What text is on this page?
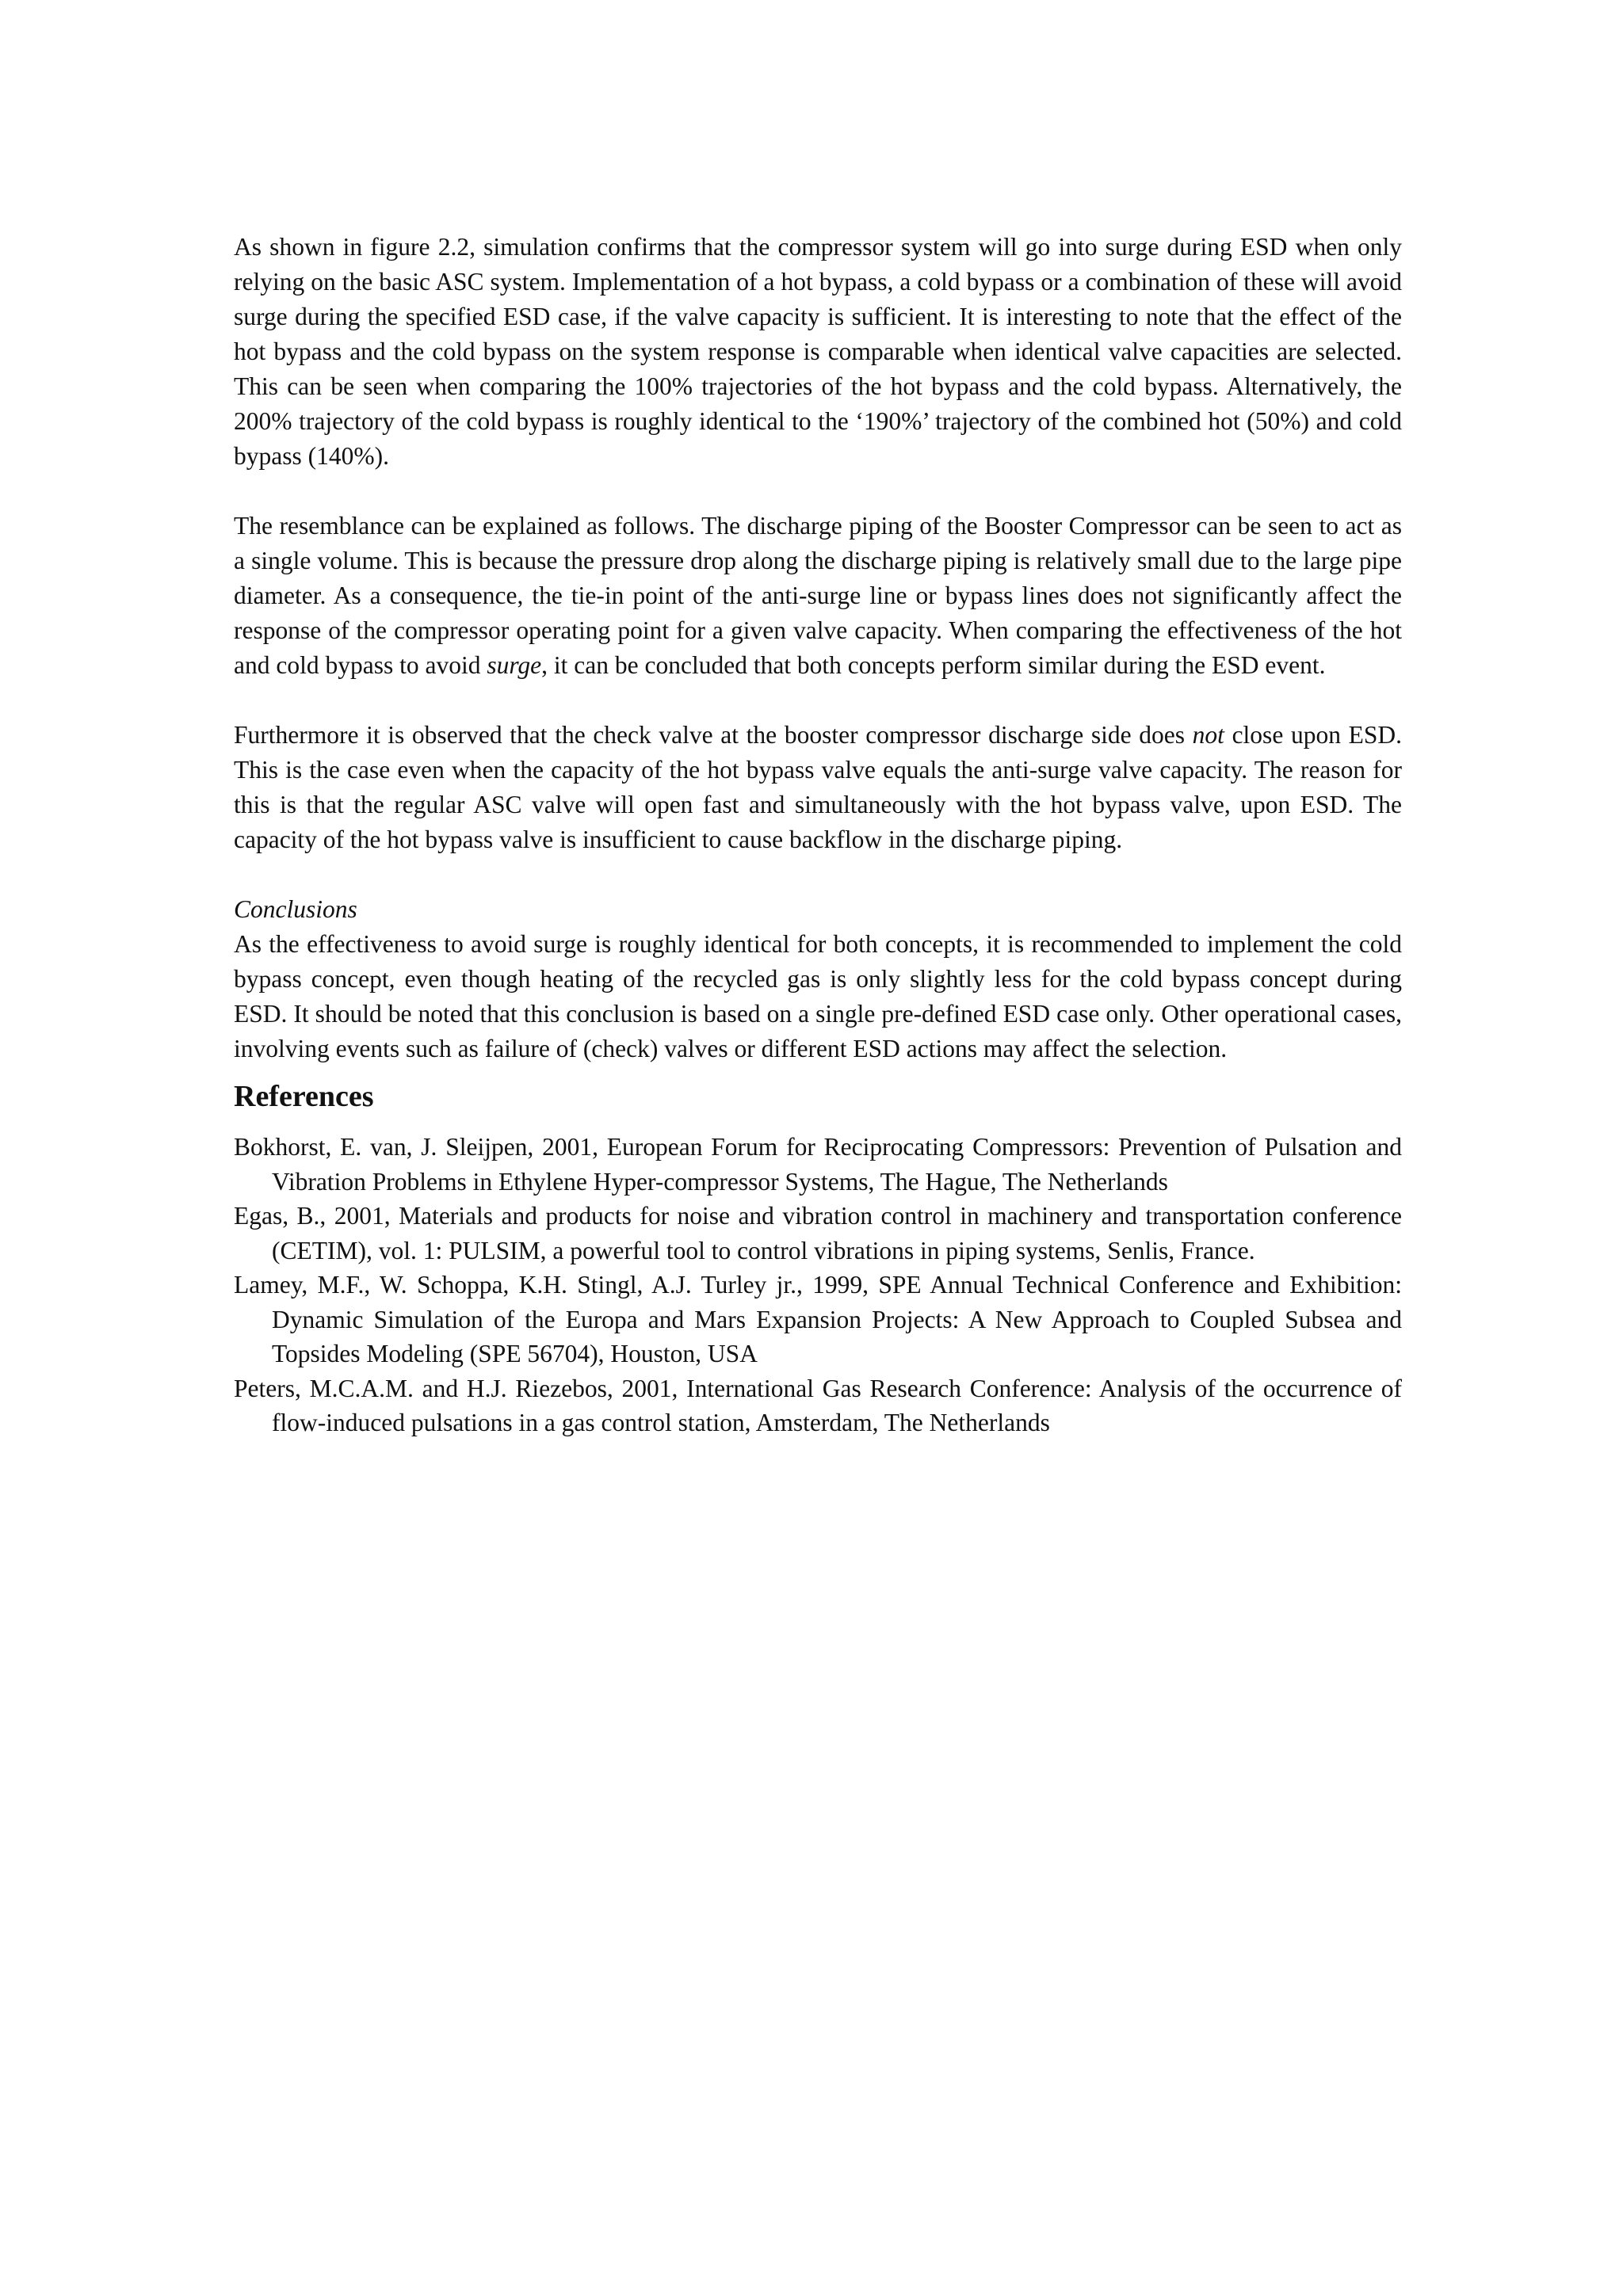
As shown in figure 2.2, simulation confirms that the compressor system will go into surge during ESD when only relying on the basic ASC system. Implementation of a hot bypass, a cold bypass or a combination of these will avoid surge during the specified ESD case, if the valve capacity is sufficient. It is interesting to note that the effect of the hot bypass and the cold bypass on the system response is comparable when identical valve capacities are selected. This can be seen when comparing the 100% trajectories of the hot bypass and the cold bypass. Alternatively, the 200% trajectory of the cold bypass is roughly identical to the ‘190%’ trajectory of the combined hot (50%) and cold bypass (140%).

The resemblance can be explained as follows. The discharge piping of the Booster Compressor can be seen to act as a single volume. This is because the pressure drop along the discharge piping is relatively small due to the large pipe diameter. As a consequence, the tie-in point of the anti-surge line or bypass lines does not significantly affect the response of the compressor operating point for a given valve capacity. When comparing the effectiveness of the hot and cold bypass to avoid surge, it can be concluded that both concepts perform similar during the ESD event.

Furthermore it is observed that the check valve at the booster compressor discharge side does not close upon ESD. This is the case even when the capacity of the hot bypass valve equals the anti-surge valve capacity. The reason for this is that the regular ASC valve will open fast and simultaneously with the hot bypass valve, upon ESD. The capacity of the hot bypass valve is insufficient to cause backflow in the discharge piping.

Conclusions

As the effectiveness to avoid surge is roughly identical for both concepts, it is recommended to implement the cold bypass concept, even though heating of the recycled gas is only slightly less for the cold bypass concept during ESD. It should be noted that this conclusion is based on a single pre-defined ESD case only. Other operational cases, involving events such as failure of (check) valves or different ESD actions may affect the selection.

References

Bokhorst, E. van, J. Sleijpen, 2001, European Forum for Reciprocating Compressors: Prevention of Pulsation and Vibration Problems in Ethylene Hyper-compressor Systems, The Hague, The Netherlands

Egas, B., 2001, Materials and products for noise and vibration control in machinery and transportation conference (CETIM), vol. 1: PULSIM, a powerful tool to control vibrations in piping systems, Senlis, France.

Lamey, M.F., W. Schoppa, K.H. Stingl, A.J. Turley jr., 1999, SPE Annual Technical Conference and Exhibition: Dynamic Simulation of the Europa and Mars Expansion Projects: A New Approach to Coupled Subsea and Topsides Modeling (SPE 56704), Houston, USA

Peters, M.C.A.M. and H.J. Riezebos, 2001, International Gas Research Conference: Analysis of the occurrence of flow-induced pulsations in a gas control station, Amsterdam, The Netherlands
